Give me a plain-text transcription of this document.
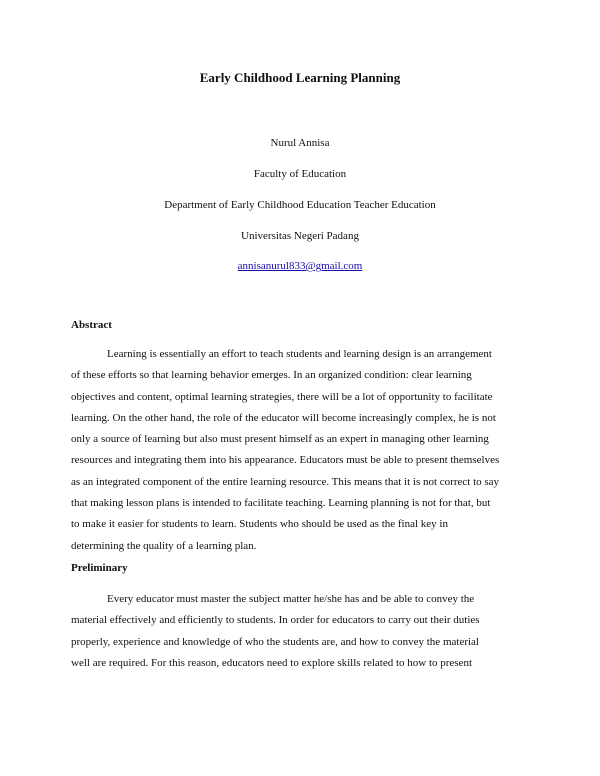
Early Childhood Learning Planning
Nurul Annisa
Faculty of Education
Department of Early Childhood Education Teacher Education
Universitas Negeri Padang
annisanurul833@gmail.com
Abstract
Learning is essentially an effort to teach students and learning design is an arrangement
of these efforts so that learning behavior emerges. In an organized condition: clear learning
objectives and content, optimal learning strategies, there will be a lot of opportunity to facilitate
learning. On the other hand, the role of the educator will become increasingly complex, he is not
only a source of learning but also must present himself as an expert in managing other learning
resources and integrating them into his appearance. Educators must be able to present themselves
as an integrated component of the entire learning resource. This means that it is not correct to say
that making lesson plans is intended to facilitate teaching. Learning planning is not for that, but
to make it easier for students to learn. Students who should be used as the final key in
determining the quality of a learning plan.
Preliminary
Every educator must master the subject matter he/she has and be able to convey the
material effectively and efficiently to students. In order for educators to carry out their duties
properly, experience and knowledge of who the students are, and how to convey the material
well are required. For this reason, educators need to explore skills related to how to present
